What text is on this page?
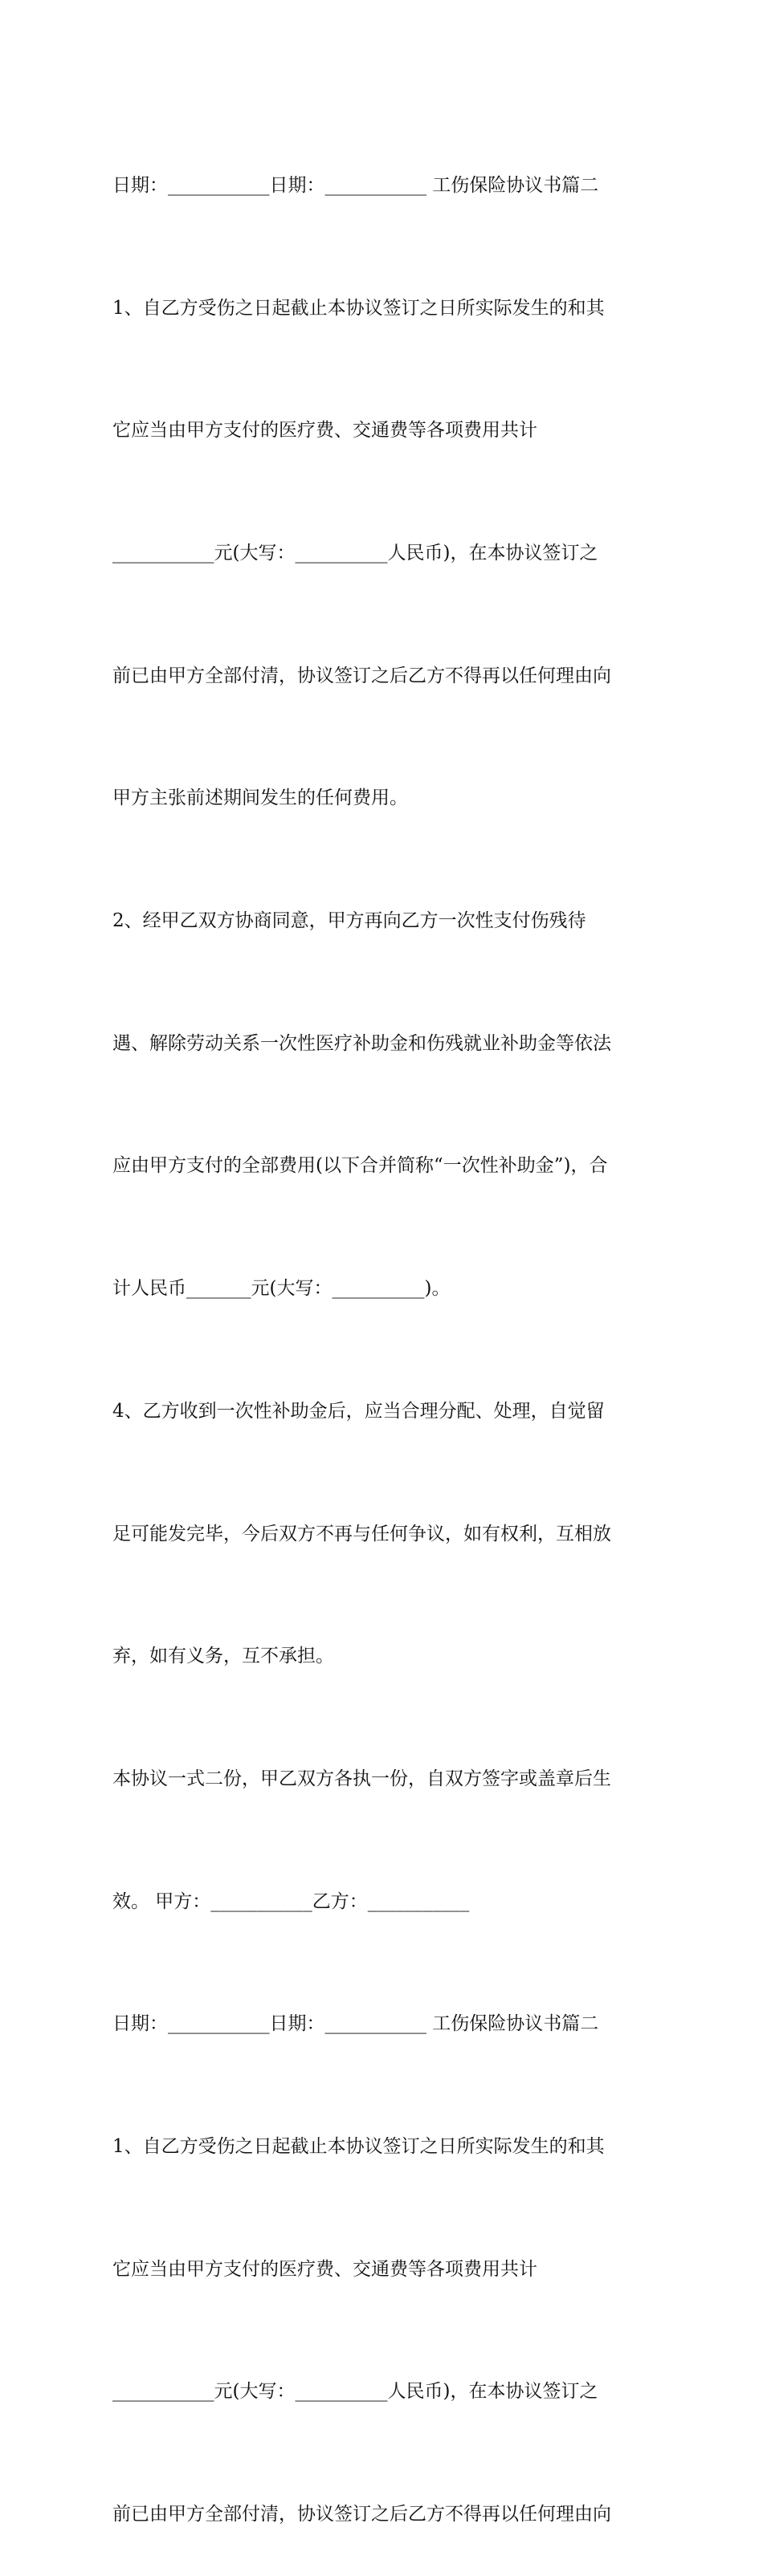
日期：___________日期：___________ 工伤保险协议书篇二

1、自乙方受伤之日起截止本协议签订之日所实际发生的和其

它应当由甲方支付的医疗费、交通费等各项费用共计

___________元(大写：__________人民币)，在本协议签订之

前已由甲方全部付清，协议签订之后乙方不得再以任何理由向

甲方主张前述期间发生的任何费用。

2、经甲乙双方协商同意，甲方再向乙方一次性支付伤残待

遇、解除劳动关系一次性医疗补助金和伤残就业补助金等依法

应由甲方支付的全部费用(以下合并简称“一次性补助金”)，合

计人民币_______元(大写：__________)。

4、乙方收到一次性补助金后，应当合理分配、处理，自觉留

足可能发完毕，今后双方不再与任何争议，如有权利，互相放

弃，如有义务，互不承担。

本协议一式二份，甲乙双方各执一份，自双方签字或盖章后生

效。 甲方：___________乙方：___________

日期：___________日期：___________ 工伤保险协议书篇二

1、自乙方受伤之日起截止本协议签订之日所实际发生的和其

它应当由甲方支付的医疗费、交通费等各项费用共计

___________元(大写：__________人民币)，在本协议签订之

前已由甲方全部付清，协议签订之后乙方不得再以任何理由向
